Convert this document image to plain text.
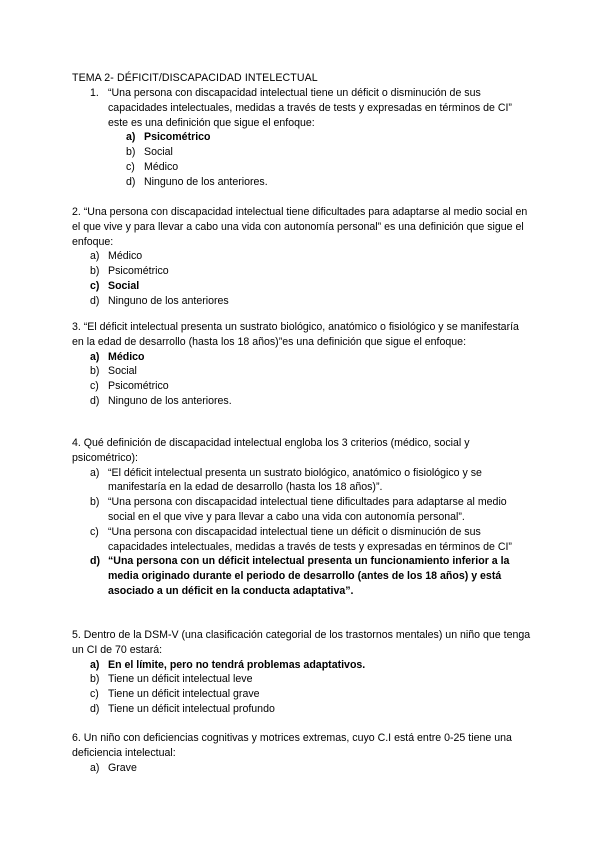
TEMA 2- DÉFICIT/DISCAPACIDAD INTELECTUAL
1. “Una persona con discapacidad intelectual tiene un déficit o disminución de sus capacidades intelectuales, medidas a través de tests y expresadas en términos de CI” este es una definición que sigue el enfoque:

a) Psicométrico
b) Social
c) Médico
d) Ninguno de los anteriores.

2. “Una persona con discapacidad intelectual tiene dificultades para adaptarse al medio social en el que vive y para llevar a cabo una vida con autonomía personal” es una definición que sigue el enfoque:

a) Médico
b) Psicométrico
c) Social
d) Ninguno de los anteriores

3. “El déficit intelectual presenta un sustrato biológico, anatómico o fisiológico y se manifestaría en la edad de desarrollo (hasta los 18 años)”es una definición que sigue el enfoque:

a) Médico
b) Social
c) Psicométrico
d) Ninguno de los anteriores.

4. Qué definición de discapacidad intelectual engloba los 3 criterios (médico, social y psicométrico):

a) “El déficit intelectual presenta un sustrato biológico, anatómico o fisiológico y se manifestaría en la edad de desarrollo (hasta los 18 años)”.
b) “Una persona con discapacidad intelectual tiene dificultades para adaptarse al medio social en el que vive y para llevar a cabo una vida con autonomía personal”.
c) “Una persona con discapacidad intelectual tiene un déficit o disminución de sus capacidades intelectuales, medidas a través de tests y expresadas en términos de CI”
d) “Una persona con un déficit intelectual presenta un funcionamiento inferior a la media originado durante el periodo de desarrollo (antes de los 18 años) y está asociado a un déficit en la conducta adaptativa”.

5. Dentro de la DSM-V (una clasificación categorial de los trastornos mentales) un niño que tenga un CI de 70 estará:

a) En el límite, pero no tendrá problemas adaptativos.
b) Tiene un déficit intelectual leve
c) Tiene un déficit intelectual grave
d) Tiene un déficit intelectual profundo

6. Un niño con deficiencias cognitivas y motrices extremas, cuyo C.I está entre 0-25 tiene una deficiencia intelectual:

a) Grave
